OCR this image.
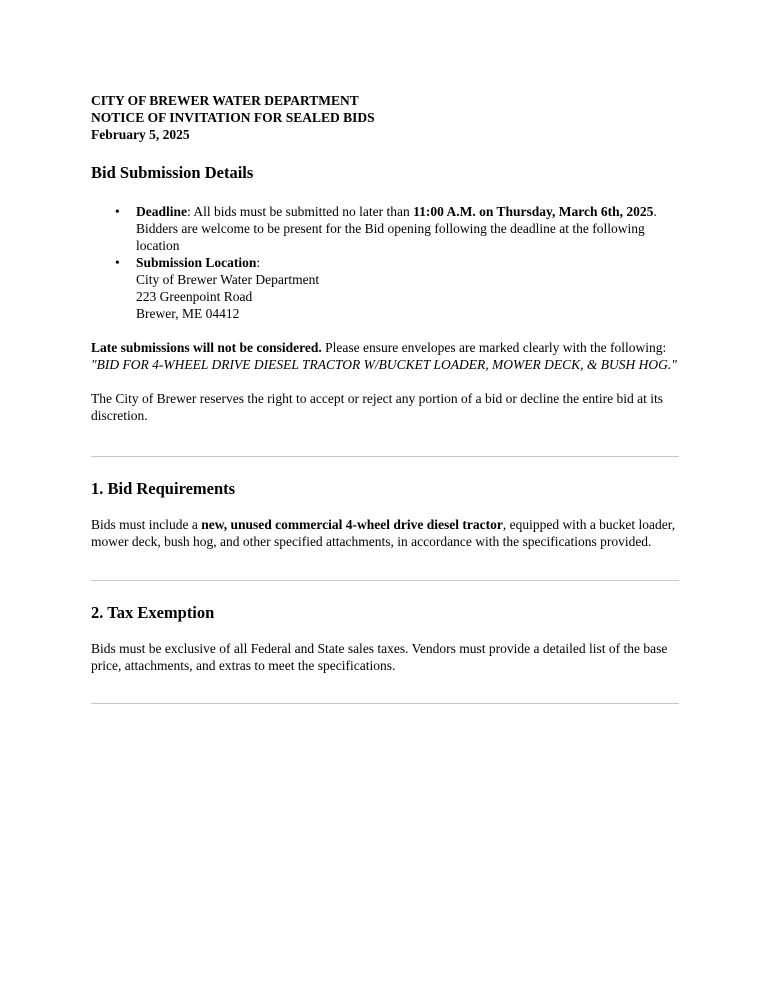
CITY OF BREWER WATER DEPARTMENT

NOTICE OF INVITATION FOR SEALED BIDS

February 5, 2025

Bid Submission Details
• Deadline: All bids must be submitted no later than 11:00 A.M. on Thursday, March 6th, 2025. Bidders are welcome to be present for the Bid opening following the deadline at the following location
• Submission Location:
City of Brewer Water Department
223 Greenpoint Road
Brewer, ME 04412

Late submissions will not be considered. Please ensure envelopes are marked clearly with the following:
"BID FOR 4-WHEEL DRIVE DIESEL TRACTOR W/BUCKET LOADER, MOWER DECK, & BUSH HOG."

The City of Brewer reserves the right to accept or reject any portion of a bid or decline the entire bid at its discretion.

1. Bid Requirements

Bids must include a new, unused commercial 4-wheel drive diesel tractor, equipped with a bucket loader, mower deck, bush hog, and other specified attachments, in accordance with the specifications provided.

2. Tax Exemption

Bids must be exclusive of all Federal and State sales taxes. Vendors must provide a detailed list of the base price, attachments, and extras to meet the specifications.
